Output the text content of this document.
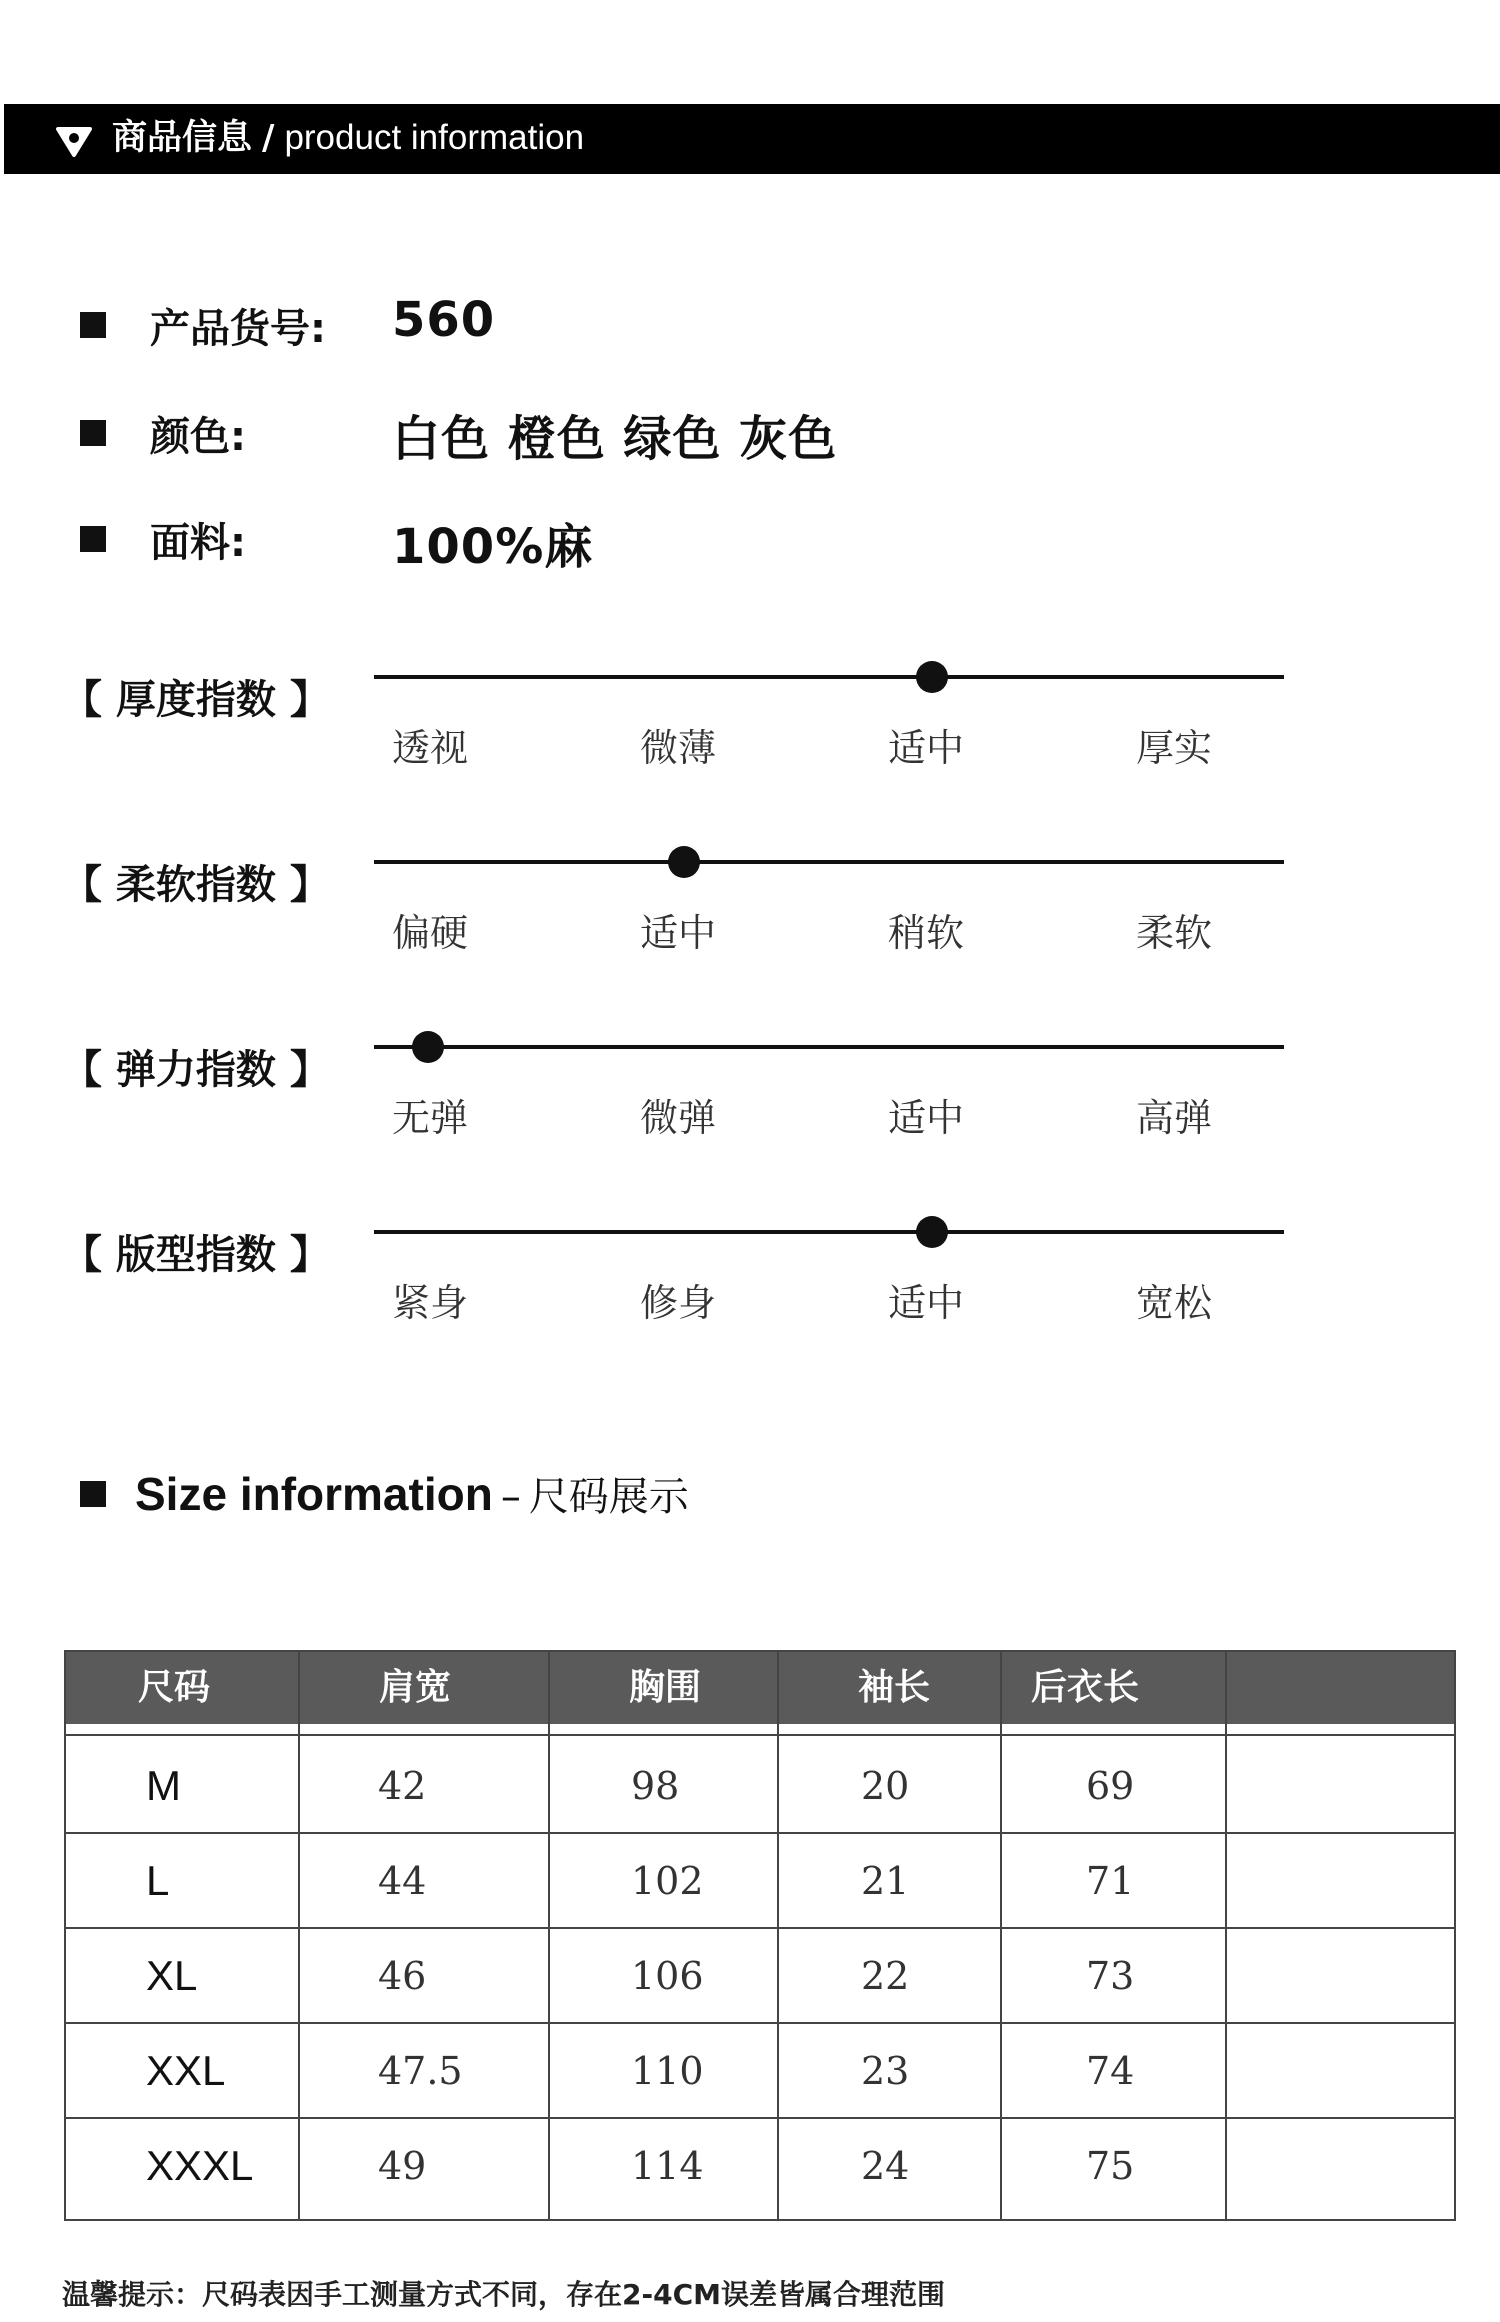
商品信息 / product information
产品货号: 560
颜色:	白色 橙色 绿色 灰色
面料:	100%麻
【 厚度指数 】
透视	微薄	适中	厚实
【 柔软指数 】
偏硬	适中	稍软	柔软
【 弹力指数 】
无弹	微弹	适中	高弹
【 版型指数 】
紧身	修身	适中	宽松
Size information – 尺码展示
尺码	肩宽	胸围	袖长	后衣长
M	42	98	20	69
L	44	102	21	71
XL	46	106	22	73
XXL	47.5	110	23	74
XXXL	49	114	24	75
温馨提示：尺码表因手工测量方式不同，存在2-4CM误差皆属合理范围
